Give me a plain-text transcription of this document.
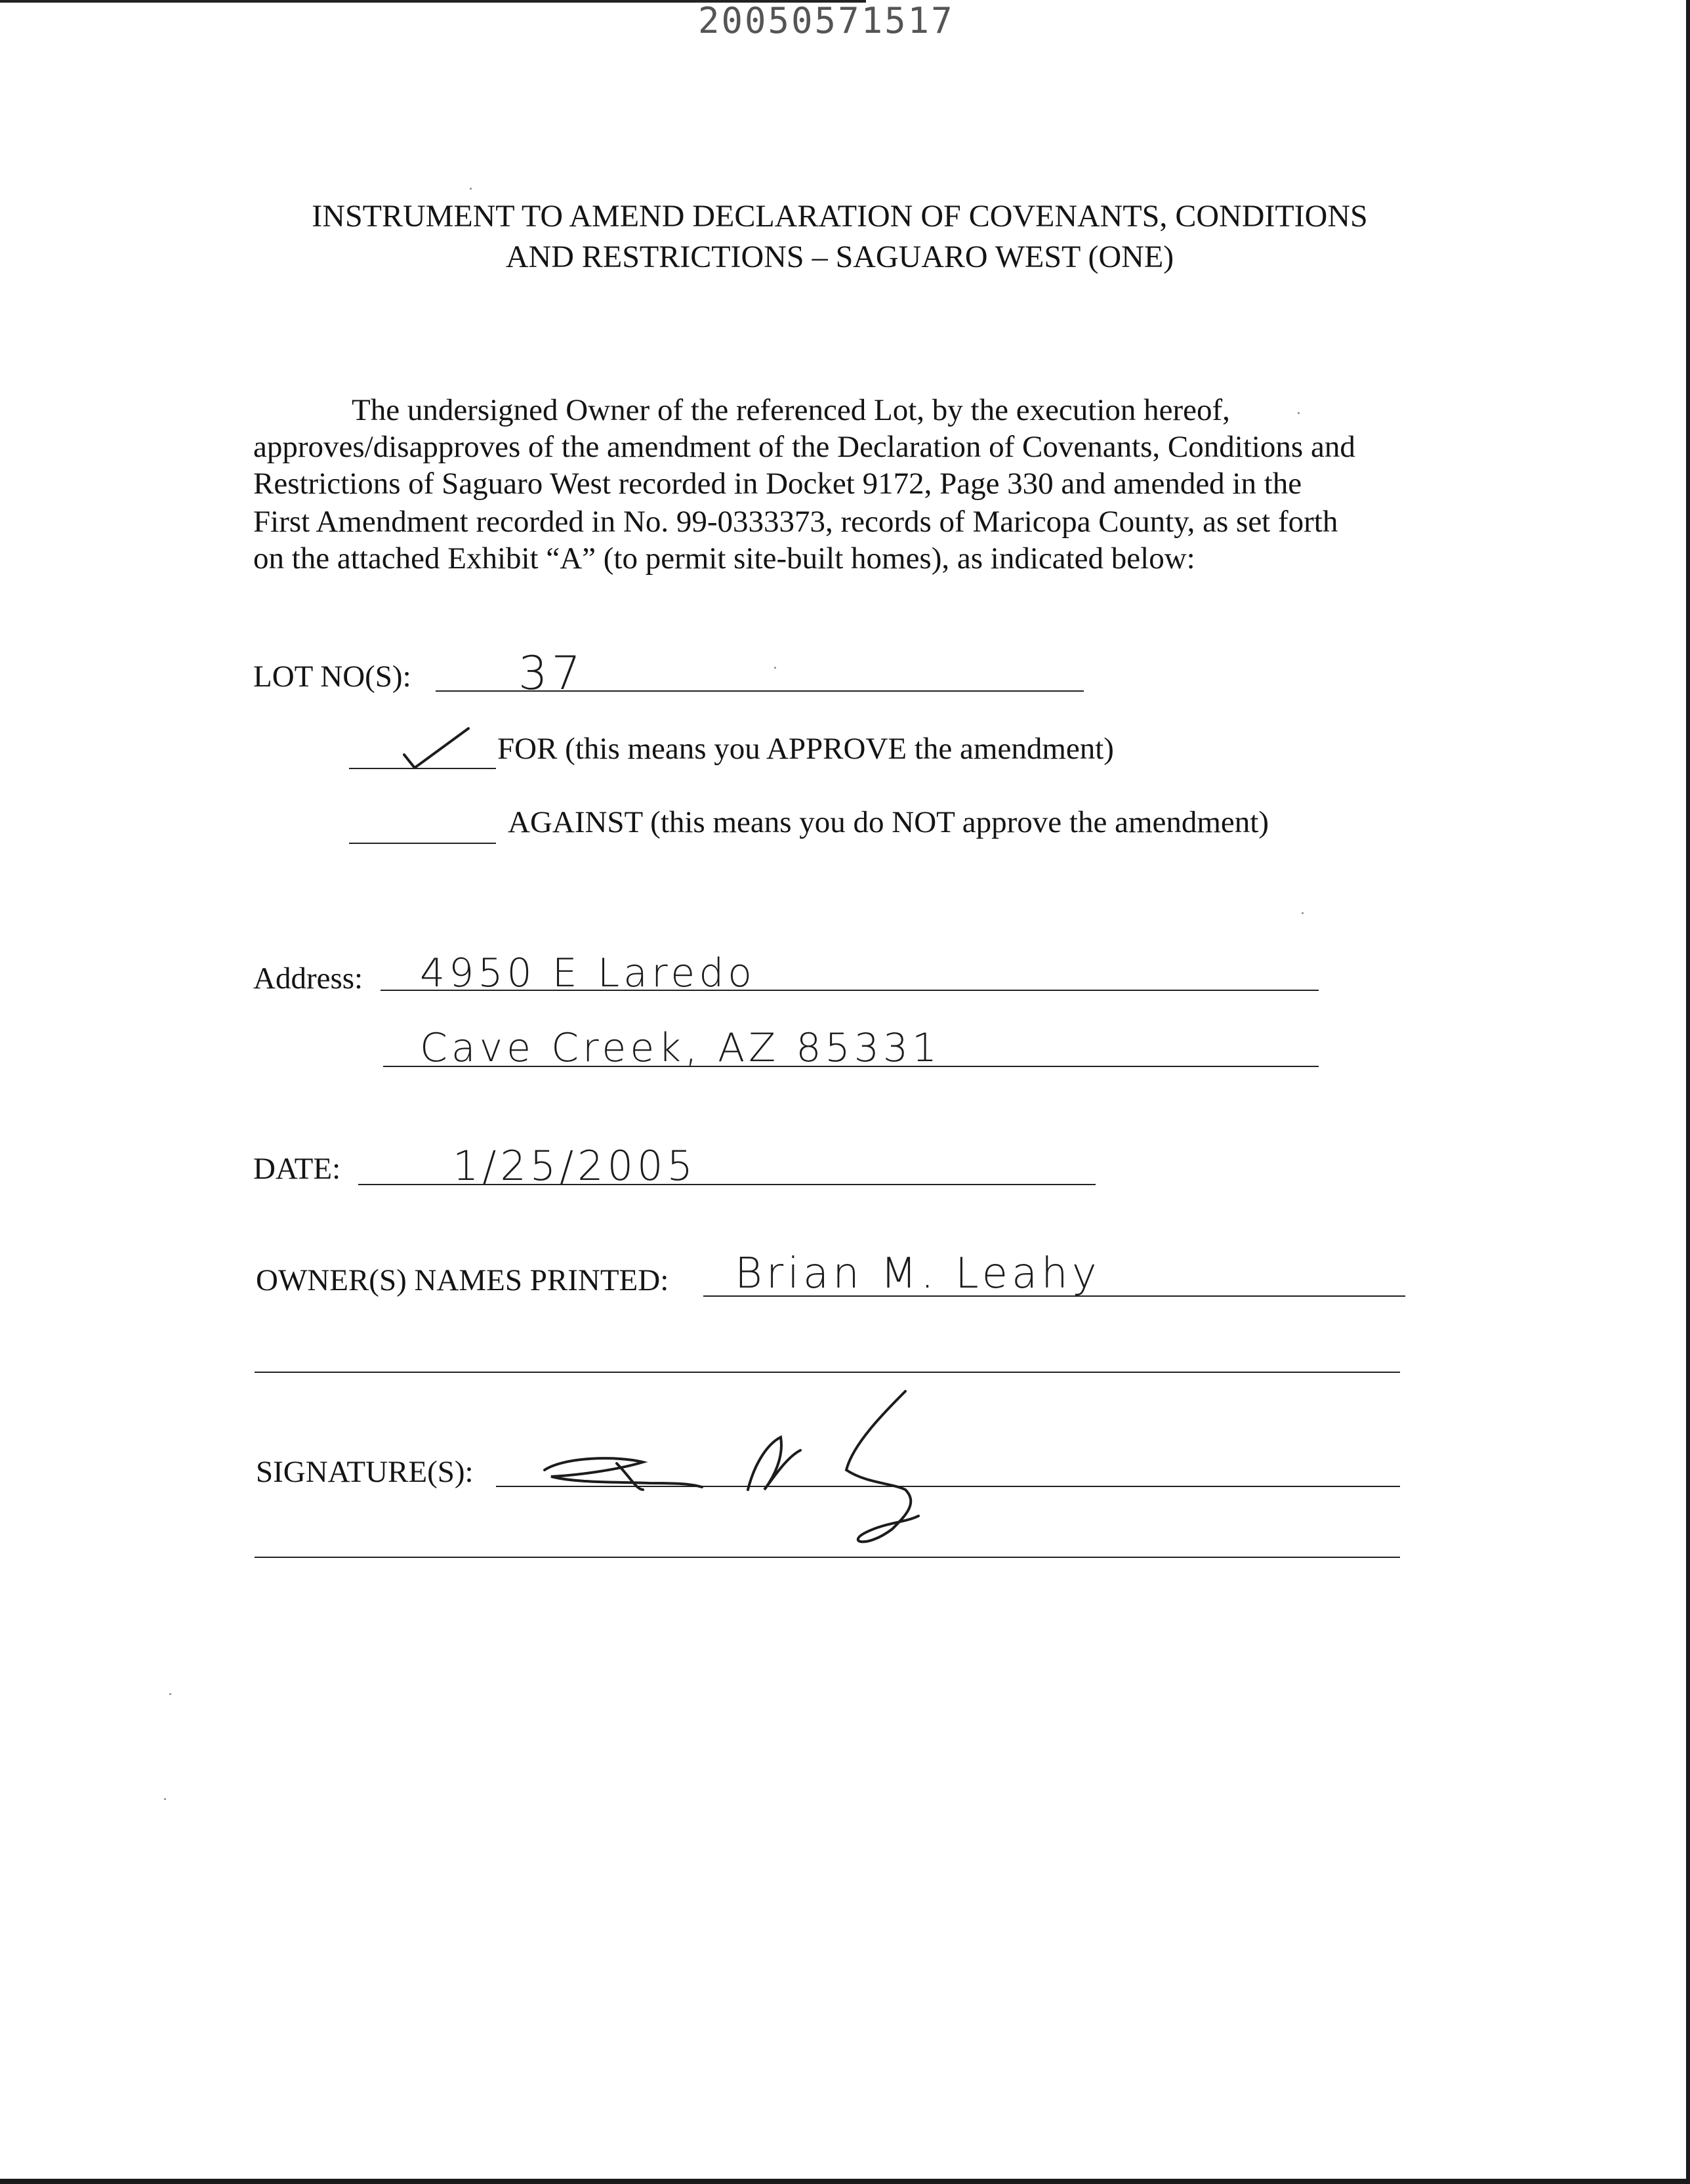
20050571517
INSTRUMENT TO AMEND DECLARATION OF COVENANTS, CONDITIONS
AND RESTRICTIONS – SAGUARO WEST (ONE)
The undersigned Owner of the referenced Lot, by the execution hereof,
approves/disapproves of the amendment of the Declaration of Covenants, Conditions and
Restrictions of Saguaro West recorded in Docket 9172, Page 330 and amended in the
First Amendment recorded in No. 99-0333373, records of Maricopa County, as set forth
on the attached Exhibit “A” (to permit site-built homes), as indicated below:
LOT NO(S): 37
FOR (this means you APPROVE the amendment)
AGAINST (this means you do NOT approve the amendment)
Address: 4950 E Laredo
Cave Creek, AZ 85331
DATE:	1/25/2005
OWNER(S) NAMES PRINTED: Brian M. Leahy
SIGNATURE(S):
